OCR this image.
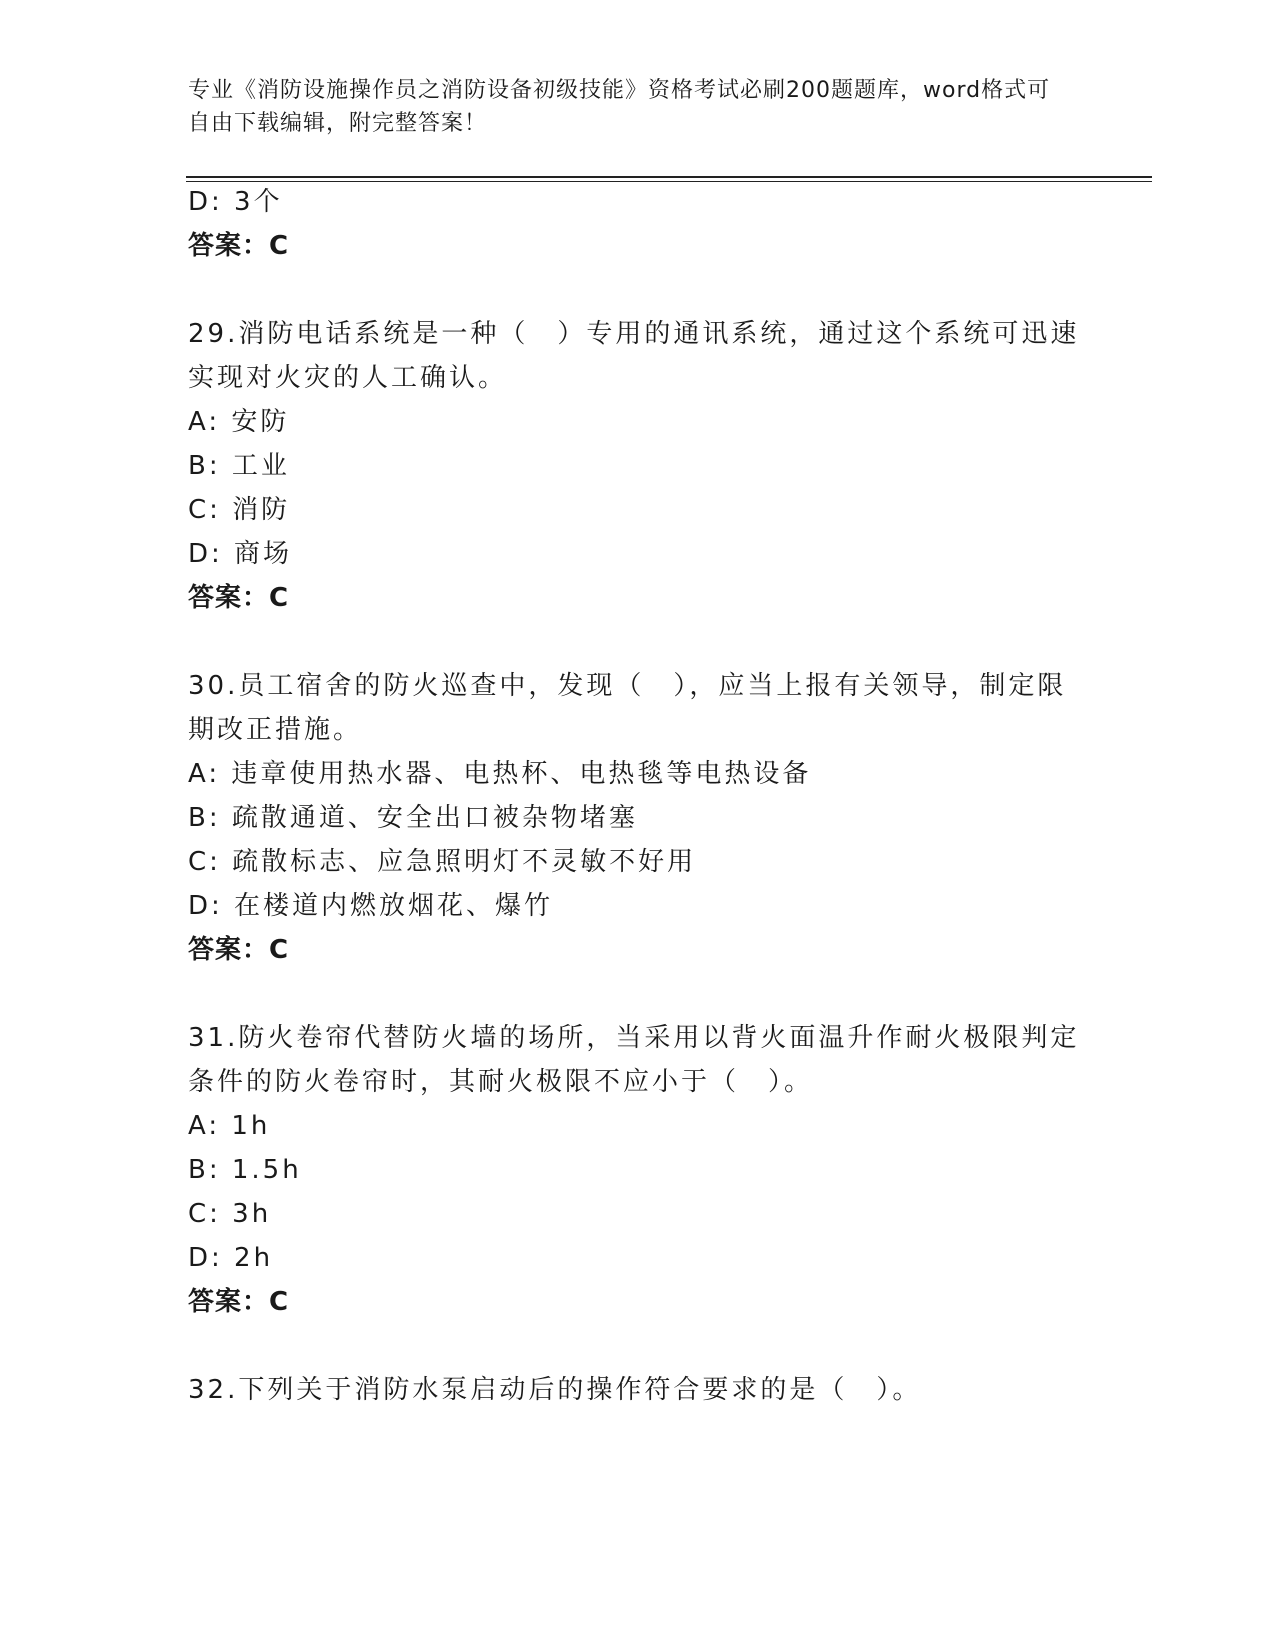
专业《消防设施操作员之消防设备初级技能》资格考试必刷200题题库，word格式可自由下载编辑，附完整答案！
D: 3个
答案：C
29.消防电话系统是一种（　）专用的通讯系统，通过这个系统可迅速
实现对火灾的人工确认。
A: 安防
B: 工业
C: 消防
D: 商场
答案：C
30.员工宿舍的防火巡查中，发现（　），应当上报有关领导，制定限
期改正措施。
A: 违章使用热水器、电热杯、电热毯等电热设备
B: 疏散通道、安全出口被杂物堵塞
C: 疏散标志、应急照明灯不灵敏不好用
D: 在楼道内燃放烟花、爆竹
答案：C
31.防火卷帘代替防火墙的场所，当采用以背火面温升作耐火极限判定
条件的防火卷帘时，其耐火极限不应小于（　）。
A: 1h
B: 1.5h
C: 3h
D: 2h
答案：C
32.下列关于消防水泵启动后的操作符合要求的是（　）。
